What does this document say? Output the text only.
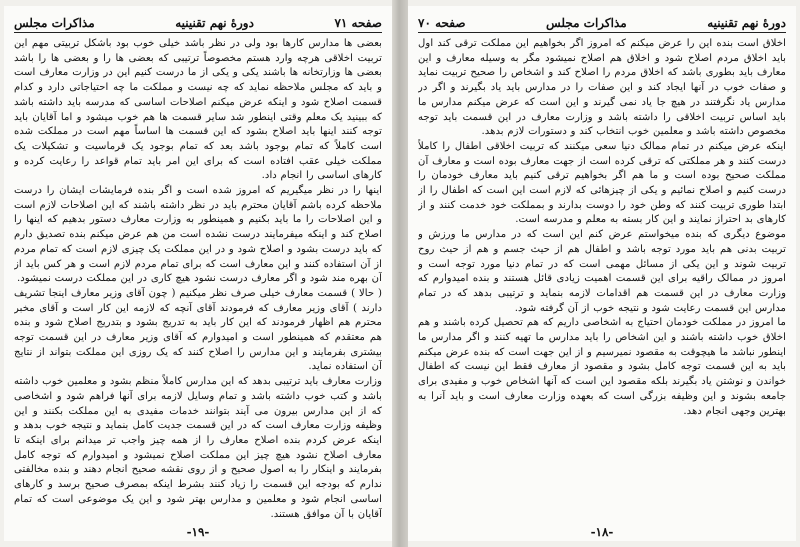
صفحه ۷۱
دورهٔ نهم تقنینیه
مذاکرات مجلس

بعضی ها مدارس کارها بود ولی در نظر باشد خیلی خوب بود باشکل تربیتی مهم این تربیت اخلاقی هرچه وارد هستم مخصوصاً ترتیبی که بعضی ها را و بعضی ها را باشد بعضی ها وزارتخانه ها باشند یکی و یکی از ما درست کنیم این در وزارت معارف است و باید که مجلس ملاحظه نماید که چه نیست و مملکت ما چه احتیاجاتی دارد و کدام قسمت اصلاح شود و اینکه عرض میکنم اصلاحات اساسی که مدرسه باید داشته باشد که ببینید یک معلم وقتی اینطور شد سایر قسمت ها هم خوب میشود و اما آقایان باید توجه کنند اینها باید اصلاح بشود که این قسمت ها اساساً مهم است در مملکت شده است کاملاً که تمام بوجود باشد بعد که تمام بوجود یک قرماسیت و تشکیلات یک مملکت خیلی عقب افتاده است که برای این امر باید تمام قواعد را رعایت کرده و کارهای اساسی را انجام داد.

اینها را در نظر میگیریم که امروز شده است و اگر بنده فرمایشات ایشان را درست ملاحظه کرده باشم آقایان محترم باید در نظر داشته باشند که این اصلاحات لازم است و این اصلاحات را ما باید بکنیم و همینطور به وزارت معارف دستور بدهیم که اینها را اصلاح کند و اینکه میفرمایند درست نشده است من هم عرض میکنم بنده تصدیق دارم که باید درست بشود و اصلاح شود و در این مملکت یک چیزی لازم است که تمام مردم از آن استفاده کنند و این معارف است که برای تمام مردم لازم است و هر کس باید از آن بهره مند شود و اگر معارف درست نشود هیچ کاری در این مملکت درست نمیشود.

( حالا ) قسمت معارف خیلی صرف نظر میکنیم ( چون آقای وزیر معارف اینجا تشریف دارند ) آقای وزیر معارف که فرمودند آقای آنچه که لازمه این کار است و آقای مخبر محترم هم اظهار فرمودند که این کار باید به تدریج بشود و بتدریج اصلاح شود و بنده هم معتقدم که همینطور است و امیدوارم که آقای وزیر معارف در این قسمت توجه بیشتری بفرمایند و این مدارس را اصلاح کنند که یک روزی این مملکت بتواند از نتایج آن استفاده نماید.

وزارت معارف باید ترتیبی بدهد که این مدارس کاملاً منظم بشود و معلمین خوب داشته باشد و کتب خوب داشته باشد و تمام وسایل لازمه برای آنها فراهم شود و اشخاصی که از این مدارس بیرون می آیند بتوانند خدمات مفیدی به این مملکت بکنند و این وظیفه وزارت معارف است که در این قسمت جدیت کامل بنماید و نتیجه خوب بدهد و اینکه عرض کردم بنده اصلاح معارف را از همه چیز واجب تر میدانم برای اینکه تا معارف اصلاح نشود هیچ چیز این مملکت اصلاح نمیشود و امیدوارم که توجه کامل بفرمایند و اینکار را به اصول صحیح و از روی نقشه صحیح انجام دهند و بنده مخالفتی ندارم که بودجه این قسمت را زیاد کنند بشرط اینکه بمصرف صحیح برسد و کارهای اساسی انجام شود و معلمین و مدارس بهتر شود و این یک موضوعی است که تمام آقایان با آن موافق هستند.

-۱۹-
دورهٔ نهم تقنینیه
مذاکرات مجلس
صفحه ۷۰

اخلاق است بنده این را عرض میکنم که امروز اگر بخواهیم این مملکت ترقی کند اول باید اخلاق مردم اصلاح شود و اخلاق هم اصلاح نمیشود مگر به وسیله معارف و این معارف باید بطوری باشد که اخلاق مردم را اصلاح کند و اشخاص را صحیح تربیت نماید و صفات خوب در آنها ایجاد کند و این صفات را در مدارس باید یاد بگیرند و اگر در مدارس یاد نگرفتند در هیچ جا یاد نمی گیرند و این است که عرض میکنم مدارس ما باید اساس تربیت اخلاقی را داشته باشد و وزارت معارف در این قسمت باید توجه مخصوص داشته باشد و معلمین خوب انتخاب کند و دستورات لازم بدهد.

اینکه عرض میکنم در تمام ممالک دنیا سعی میکنند که تربیت اخلاقی اطفال را کاملاً درست کنند و هر مملکتی که ترقی کرده است از جهت معارف بوده است و معارف آن مملکت صحیح بوده است و ما هم اگر بخواهیم ترقی کنیم باید معارف خودمان را درست کنیم و اصلاح نمائیم و یکی از چیزهائی که لازم است این است که اطفال را از ابتدا طوری تربیت کنند که وطن خود را دوست بدارند و بمملکت خود خدمت کنند و از کارهای بد احتراز نمایند و این کار بسته به معلم و مدرسه است.

موضوع دیگری که بنده میخواستم عرض کنم این است که در مدارس ما ورزش و تربیت بدنی هم باید مورد توجه باشد و اطفال هم از حیث جسم و هم از حیث روح تربیت شوند و این یکی از مسائل مهمی است که در تمام دنیا مورد توجه است و امروز در ممالک راقیه برای این قسمت اهمیت زیادی قائل هستند و بنده امیدوارم که وزارت معارف در این قسمت هم اقدامات لازمه بنماید و ترتیبی بدهد که در تمام مدارس این قسمت رعایت شود و نتیجه خوب از آن گرفته شود.

ما امروز در مملکت خودمان احتیاج به اشخاصی داریم که هم تحصیل کرده باشند و هم اخلاق خوب داشته باشند و این اشخاص را باید مدارس ما تهیه کنند و اگر مدارس ما اینطور نباشد ما هیچوقت به مقصود نمیرسیم و از این جهت است که بنده عرض میکنم باید به این قسمت توجه کامل بشود و مقصود از معارف فقط این نیست که اطفال خواندن و نوشتن یاد بگیرند بلکه مقصود این است که آنها اشخاص خوب و مفیدی برای جامعه بشوند و این وظیفه بزرگی است که بعهده وزارت معارف است و باید آنرا به بهترین وجهی انجام دهد.

-۱۸-
